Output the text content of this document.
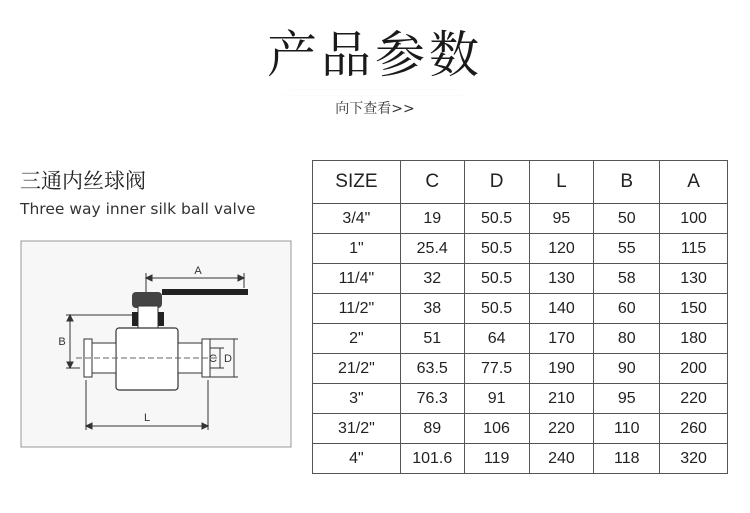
产品参数
· · · · · · · · · · · · · · · · · · · · · · · · · · · · · · · · · · · · · · · · · · · · · · · · · · · · · · · · · ·
· · · · · · · · · · · · · · · · · · · · · · · · · · · · · · · · · · · · · · · · · · · · · · · · · · · · · · · · · · · · · · ·
向下查看>>
三通内丝球阀
Three way inner silk ball valve
A
B
C D
L
SIZE	C	D	L	B	A
3/4"	19	50.5	95	50	100
1"	25.4	50.5	120	55	115
11/4"	32	50.5	130	58	130
11/2"	38	50.5	140	60	150
2"	51	64	170	80	180
21/2"	63.5	77.5	190	90	200
3"	76.3	91	210	95	220
31/2"	89	106	220	110	260
4"	101.6	119	240	118	320
